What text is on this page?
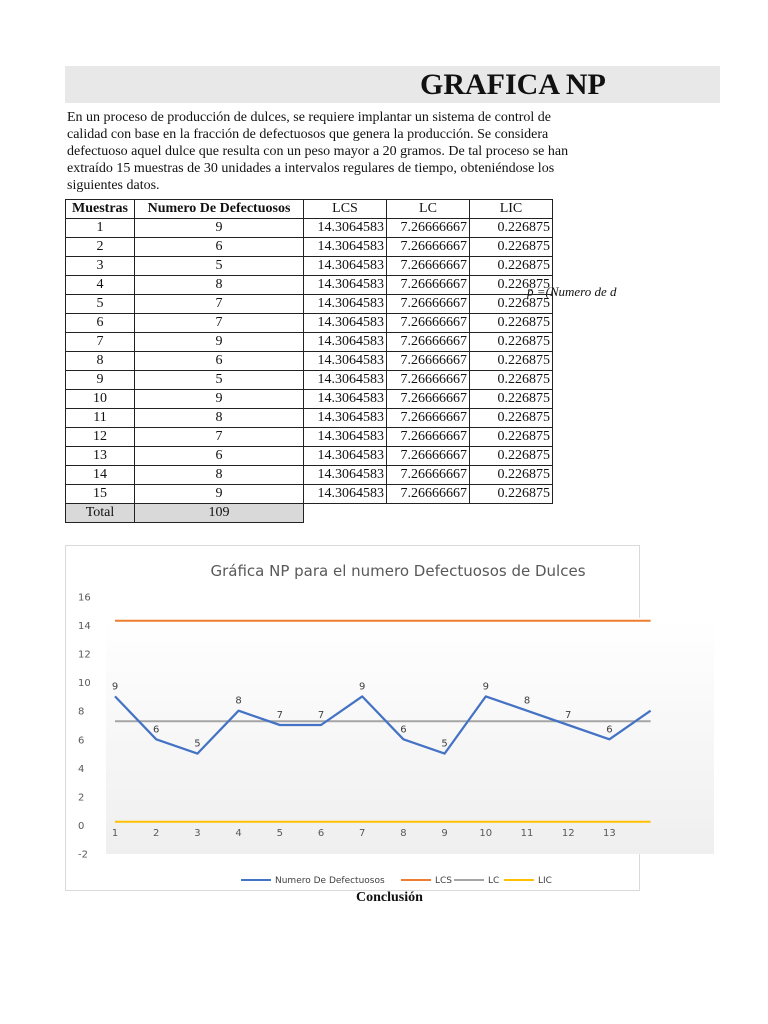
GRAFICA NP
En un proceso de producción de dulces, se requiere implantar un sistema de control de
calidad con base en la fracción de defectuosos que genera la producción. Se considera
defectuoso aquel dulce que resulta con un peso mayor a 20 gramos. De tal proceso se han
extraído 15 muestras de 30 unidades a intervalos regulares de tiempo, obteniéndose los
siguientes datos.
p̄ =(Numero de d
Muestras	Numero De Defectuosos	LCS	LC	LIC
1	9	14.3064583	7.26666667	0.226875
2	6	14.3064583	7.26666667	0.226875
3	5	14.3064583	7.26666667	0.226875
4	8	14.3064583	7.26666667	0.226875
5	7	14.3064583	7.26666667	0.226875
6	7	14.3064583	7.26666667	0.226875
7	9	14.3064583	7.26666667	0.226875
8	6	14.3064583	7.26666667	0.226875
9	5	14.3064583	7.26666667	0.226875
10	9	14.3064583	7.26666667	0.226875
11	8	14.3064583	7.26666667	0.226875
12	7	14.3064583	7.26666667	0.226875
13	6	14.3064583	7.26666667	0.226875
14	8	14.3064583	7.26666667	0.226875
15	9	14.3064583	7.26666667	0.226875
Total	109			
Gráfica NP para el numero Defectuosos de Dulces
-2
0
2
4
6
8
10
12
14
16
1	2	3	4	5	6	7	8	9	10	11	12	13
9
6
5
8
7	7
9
6
5
9
8
7
6
Numero De Defectuosos	LCS	LC	LIC
Conclusión
